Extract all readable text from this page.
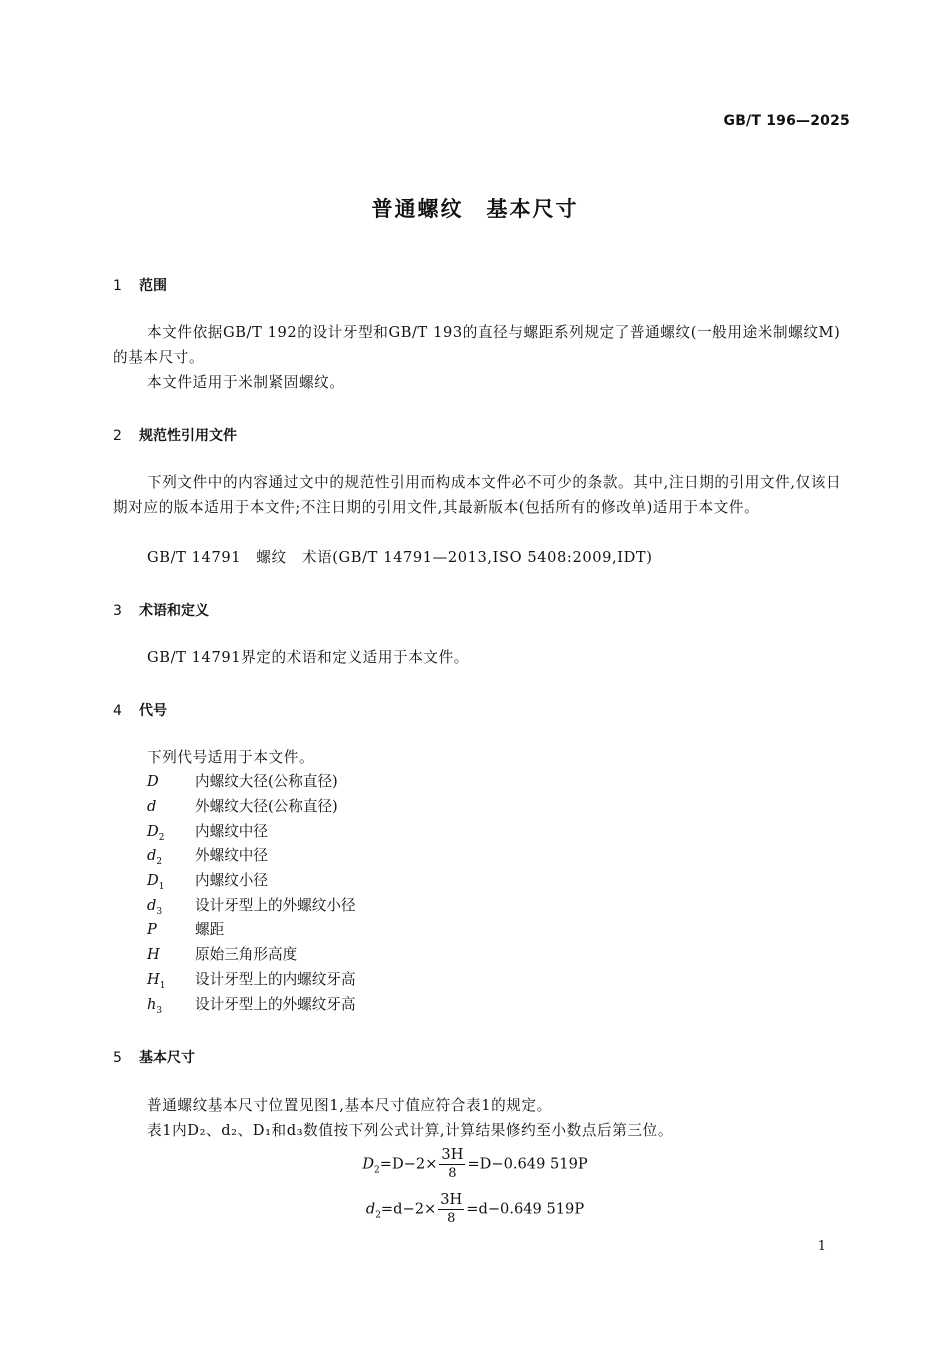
GB/T 196—2025
普通螺纹　基本尺寸
1 范围
本文件依据GB/T 192的设计牙型和GB/T 193的直径与螺距系列规定了普通螺纹(一般用途米制螺纹M)的基本尺寸。
本文件适用于米制紧固螺纹。
2 规范性引用文件
下列文件中的内容通过文中的规范性引用而构成本文件必不可少的条款。其中,注日期的引用文件,仅该日期对应的版本适用于本文件;不注日期的引用文件,其最新版本(包括所有的修改单)适用于本文件。
GB/T 14791　螺纹　术语(GB/T 14791—2013,ISO 5408:2009,IDT)
3 术语和定义
GB/T 14791界定的术语和定义适用于本文件。
4 代号
下列代号适用于本文件。
D 内螺纹大径(公称直径)
d	外螺纹大径(公称直径)
$D_2$ 内螺纹中径
$d_2$ 外螺纹中径
$D_1$ 内螺纹小径
$d_3$ 设计牙型上的外螺纹小径
P	螺距
H 原始三角形高度
$H_1$ 设计牙型上的内螺纹牙高
$h_3$ 设计牙型上的外螺纹牙高
5 基本尺寸
普通螺纹基本尺寸位置见图1,基本尺寸值应符合表1的规定。
表1内D₂、d₂、D₁和d₃数值按下列公式计算,计算结果修约至小数点后第三位。
$D_2=D-2\times \frac{3H}{8} =D-0.649$ 519P
$d_2=d-2\times \frac{3H}{8} =d-0.649$ 519P
1
